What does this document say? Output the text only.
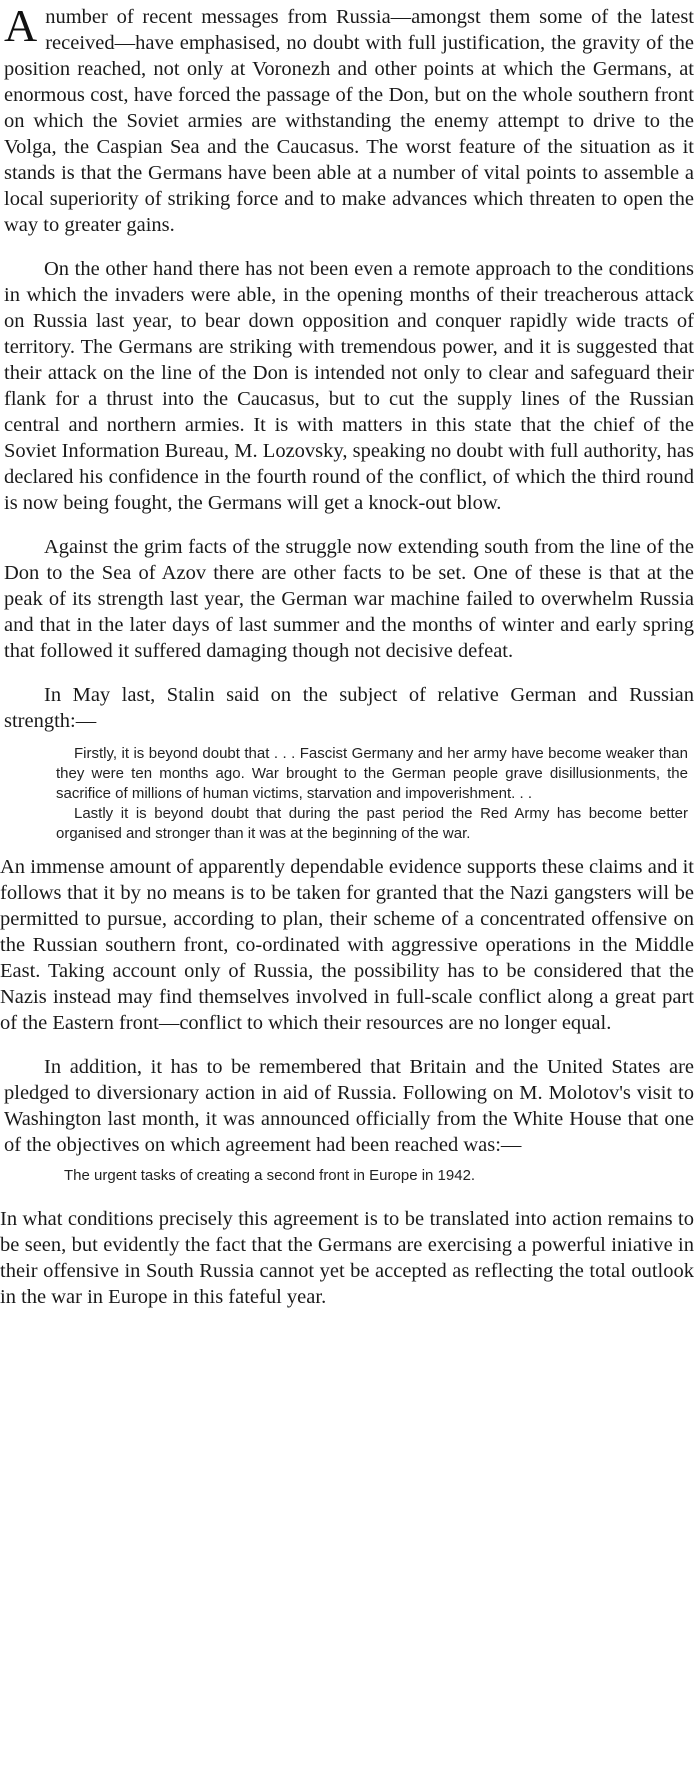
Anumber of recent messages from Russia—amongst them some of the latest received—have emphasised, no doubt with full justification, the gravity of the position reached, not only at Voronezh and other points at which the Germans, at enormous cost, have forced the passage of the Don, but on the whole southern front on which the Soviet armies are withstanding the enemy attempt to drive to the Volga, the Caspian Sea and the Caucasus. The worst feature of the situation as it stands is that the Germans have been able at a number of vital points to assemble a local superiority of striking force and to make advances which threaten to open the way to greater gains.

On the other hand there has not been even a remote approach to the conditions in which the invaders were able, in the opening months of their treacherous attack on Russia last year, to bear down opposition and conquer rapidly wide tracts of territory. The Germans are striking with tremendous power, and it is suggested that their attack on the line of the Don is intended not only to clear and safeguard their flank for a thrust into the Caucasus, but to cut the supply lines of the Russian central and northern armies. It is with matters in this state that the chief of the Soviet Information Bureau, M. Lozovsky, speaking no doubt with full authority, has declared his confidence in the fourth round of the conflict, of which the third round is now being fought, the Germans will get a knock-out blow.

Against the grim facts of the struggle now extending south from the line of the Don to the Sea of Azov there are other facts to be set. One of these is that at the peak of its strength last year, the German war machine failed to overwhelm Russia and that in the later days of last summer and the months of winter and early spring that followed it suffered damaging though not decisive defeat.

In May last, Stalin said on the subject of relative German and Russian strength:—

Firstly, it is beyond doubt that . . . Fascist Germany and her army have become weaker than they were ten months ago. War brought to the German people grave disillusionments, the sacrifice of millions of human victims, starvation and impoverishment. . .

Lastly it is beyond doubt that during the past period the Red Army has become better organised and stronger than it was at the beginning of the war.

An immense amount of apparently dependable evidence supports these claims and it follows that it by no means is to be taken for granted that the Nazi gangsters will be permitted to pursue, according to plan, their scheme of a concentrated offensive on the Russian southern front, co-ordinated with aggressive operations in the Middle East. Taking account only of Russia, the possibility has to be considered that the Nazis instead may find themselves involved in full-scale conflict along a great part of the Eastern front—conflict to which their resources are no longer equal.

In addition, it has to be remembered that Britain and the United States are pledged to diversionary action in aid of Russia. Following on M. Molotov's visit to Washington last month, it was announced officially from the White House that one of the objectives on which agreement had been reached was:—

The urgent tasks of creating a second front in Europe in 1942.

In what conditions precisely this agreement is to be translated into action remains to be seen, but evidently the fact that the Germans are exercising a powerful iniative in their offensive in South Russia cannot yet be accepted as reflecting the total outlook in the war in Europe in this fateful year.
